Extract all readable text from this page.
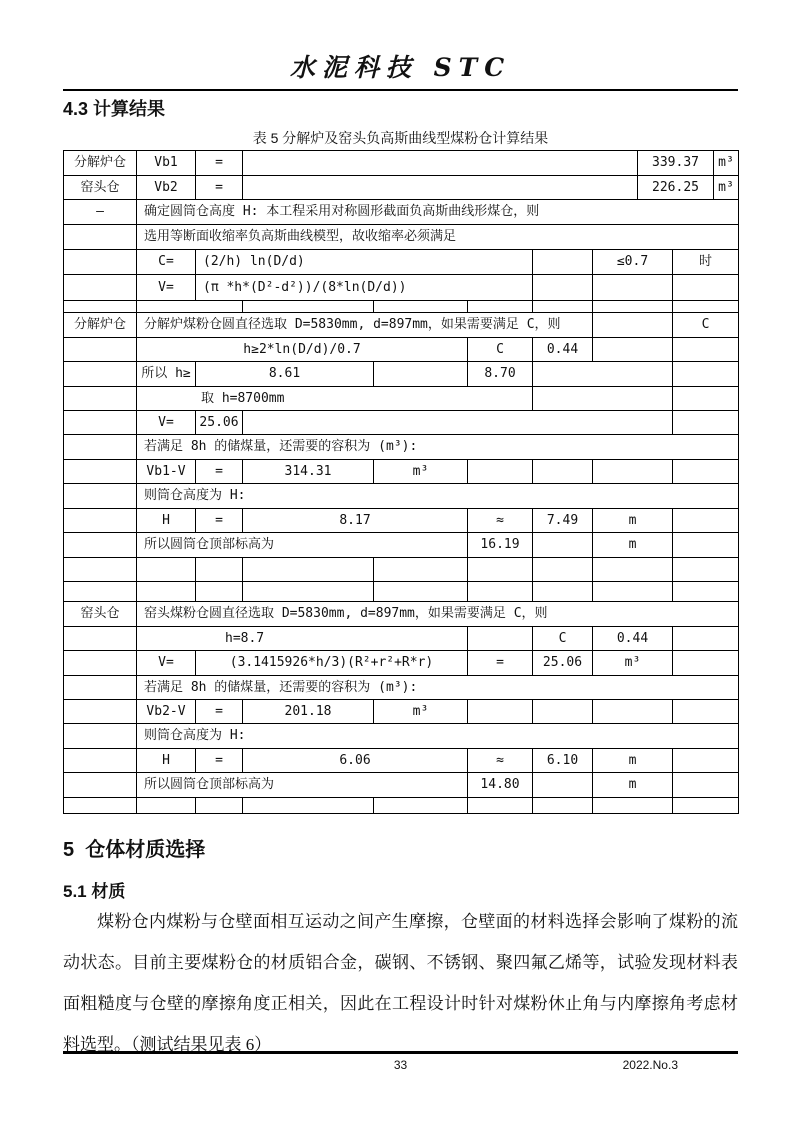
水泥科技 STC
4.3 计算结果
表 5 分解炉及窑头负高斯曲线型煤粉仓计算结果
分解炉仓	Vb1	=						339.37		m³
窑头仓	Vb2	=						226.25		m³
—	确定圆筒仓高度 H: 本工程采用对称圆形截面负高斯曲线形煤仓，则									
	选用等断面收缩率负高斯曲线模型，故收缩率必须满足									
	C=	(2/h) ln(D/d)					≤0.7		时	
	V=	(π *h*(D²-d²))/(8*ln(D/d))								

分解炉仓	分解炉煤粉仓圆直径选取 D=5830mm, d=897mm，如果需要满足 C，则								C	
	h≥2*ln(D/d)/0.7				C	0.44				
	所以 h≥	8.61			8.70					
	取 h=8700mm									
	V=	25.06								
	若满足 8h 的储煤量，还需要的容积为 (m³):									
	Vb1-V	=	314.31	m³						
	则筒仓高度为 H:									
	H	=	8.17		≈	7.49	m			
	所以圆筒仓顶部标高为				16.19		m			

窑头仓	窑头煤粉仓圆直径选取 D=5830mm, d=897mm，如果需要满足 C，则									
	h=8.7					C	0.44			
	V=	(3.1415926*h/3)(R²+r²+R*r)			=	25.06	m³			
	若满足 8h 的储煤量，还需要的容积为 (m³):									
	Vb2-V	=	201.18	m³						
	则筒仓高度为 H:									
	H	=	6.06		≈	6.10	m			
	所以圆筒仓顶部标高为				14.80		m			

5  仓体材质选择
5.1 材质
煤粉仓内煤粉与仓壁面相互运动之间产生摩擦，仓壁面的材料选择会影响了煤粉的流动状态。目前主要煤粉仓的材质铝合金，碳钢、不锈钢、聚四氟乙烯等，试验发现材料表面粗糙度与仓壁的摩擦角度正相关，因此在工程设计时针对煤粉休止角与内摩擦角考虑材料选型。（测试结果见表 6）
33	2022.No.3
